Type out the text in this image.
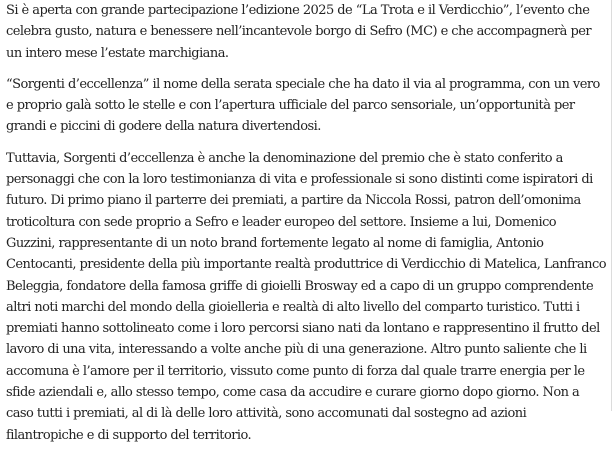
Si è aperta con grande partecipazione l’edizione 2025 de “La Trota e il Verdicchio”, l’evento che celebra gusto, natura e benessere nell’incantevole borgo di Sefro (MC) e che accompagnerà per un intero mese l’estate marchigiana.

“Sorgenti d’eccellenza” il nome della serata speciale che ha dato il via al programma, con un vero e proprio galà sotto le stelle e con l’apertura ufficiale del parco sensoriale, un’opportunità per grandi e piccini di godere della natura divertendosi.

Tuttavia, Sorgenti d’eccellenza è anche la denominazione del premio che è stato conferito a personaggi che con la loro testimonianza di vita e professionale si sono distinti come ispiratori di futuro. Di primo piano il parterre dei premiati, a partire da Niccola Rossi, patron dell’omonima troticoltura con sede proprio a Sefro e leader europeo del settore. Insieme a lui, Domenico Guzzini, rappresentante di un noto brand fortemente legato al nome di famiglia, Antonio Centocanti, presidente della più importante realtà produttrice di Verdicchio di Matelica, Lanfranco Beleggia, fondatore della famosa griffe di gioielli Brosway ed a capo di un gruppo comprendente altri noti marchi del mondo della gioielleria e realtà di alto livello del comparto turistico. Tutti i premiati hanno sottolineato come i loro percorsi siano nati da lontano e rappresentino il frutto del lavoro di una vita, interessando a volte anche più di una generazione. Altro punto saliente che li accomuna è l’amore per il territorio, vissuto come punto di forza dal quale trarre energia per le sfide aziendali e, allo stesso tempo, come casa da accudire e curare giorno dopo giorno. Non a caso tutti i premiati, al di là delle loro attività, sono accomunati dal sostegno ad azioni filantropiche e di supporto del territorio.
